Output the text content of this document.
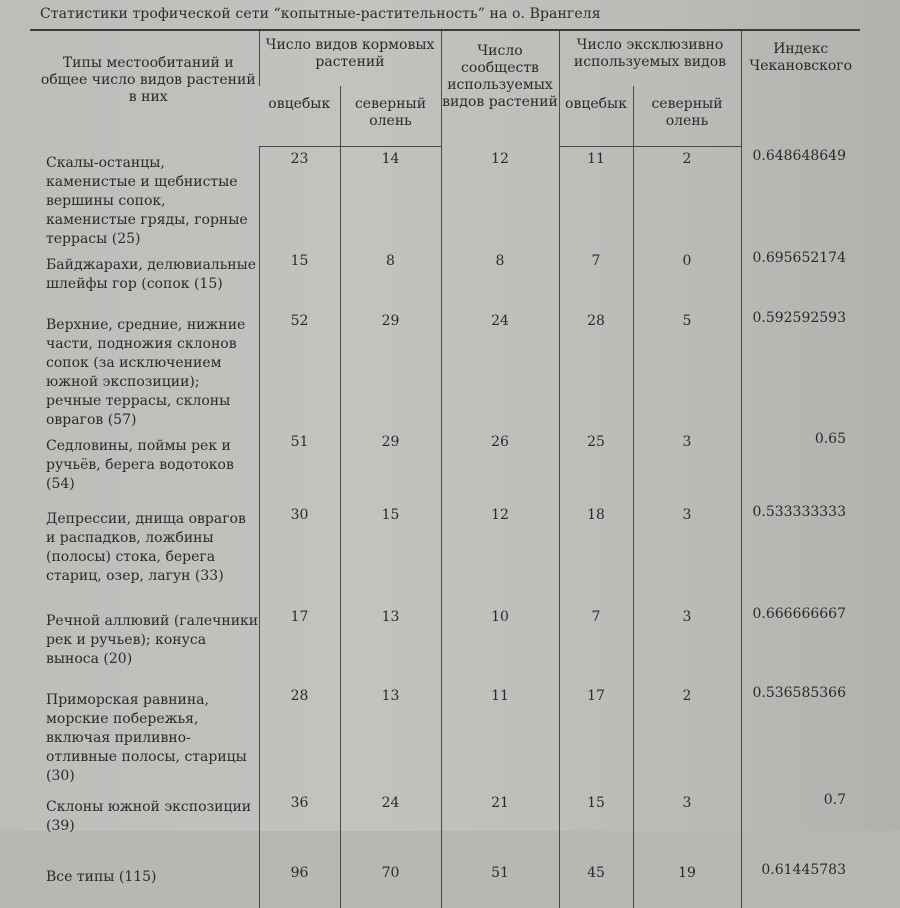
Статистики трофической сети “копытные-растительность” на о. Врангеля
Типы местообитаний и общее число видов растений в них	Число видов кормовых растений		Число сообществ используемых видов растений	Число эксклюзивно используемых видов		Индекс Чекановского
	овцебык	северный олень		овцебык	северный олень	
Скалы-останцы, каменистые и щебнистые вершины сопок, каменистые гряды, горные террасы (25)	23	14	12	11	2	0.648648649
Байджарахи, делювиальные шлейфы гор (сопок (15)	15	8	8	7	0	0.695652174
Верхние, средние, нижние части, подножия склонов сопок (за исключением южной экспозиции); речные террасы, склоны оврагов (57)	52	29	24	28	5	0.592592593
Седловины, поймы рек и ручьёв, берега водотоков (54)	51	29	26	25	3	0.65
Депрессии, днища оврагов и распадков, ложбины (полосы) стока, берега стариц, озер, лагун (33)	30	15	12	18	3	0.533333333
Речной аллювий (галечники рек и ручьев); конуса выноса (20)	17	13	10	7	3	0.666666667
Приморская равнина, морские побережья, включая приливно-отливные полосы, старицы (30)	28	13	11	17	2	0.536585366
Склоны южной экспозиции (39)	36	24	21	15	3	0.7
Все типы (115)	96	70	51	45	19	0.61445783
